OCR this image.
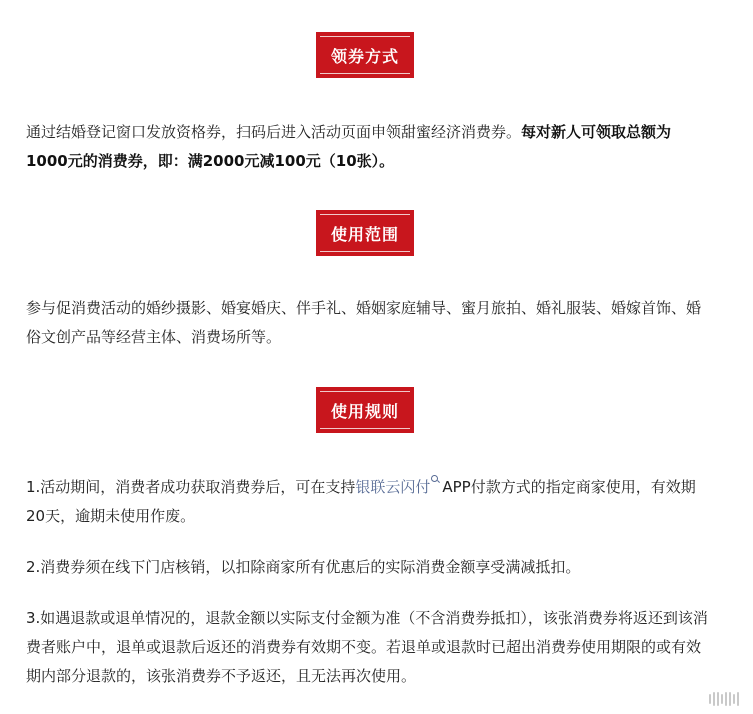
领券方式

通过结婚登记窗口发放资格券，扫码后进入活动页面申领甜蜜经济消费券。每对新人可领取总额为1000元的消费券，即：满2000元减100元（10张）。

使用范围

参与促消费活动的婚纱摄影、婚宴婚庆、伴手礼、婚姻家庭辅导、蜜月旅拍、婚礼服装、婚嫁首饰、婚俗文创产品等经营主体、消费场所等。

使用规则

1.活动期间，消费者成功获取消费券后，可在支持银联云闪付 APP付款方式的指定商家使用，有效期20天，逾期未使用作废。

2.消费券须在线下门店核销，以扣除商家所有优惠后的实际消费金额享受满减抵扣。

3.如遇退款或退单情况的，退款金额以实际支付金额为准（不含消费券抵扣），该张消费券将返还到该消费者账户中，退单或退款后返还的消费券有效期不变。若退单或退款时已超出消费券使用期限的或有效期内部分退款的，该张消费券不予返还，且无法再次使用。
